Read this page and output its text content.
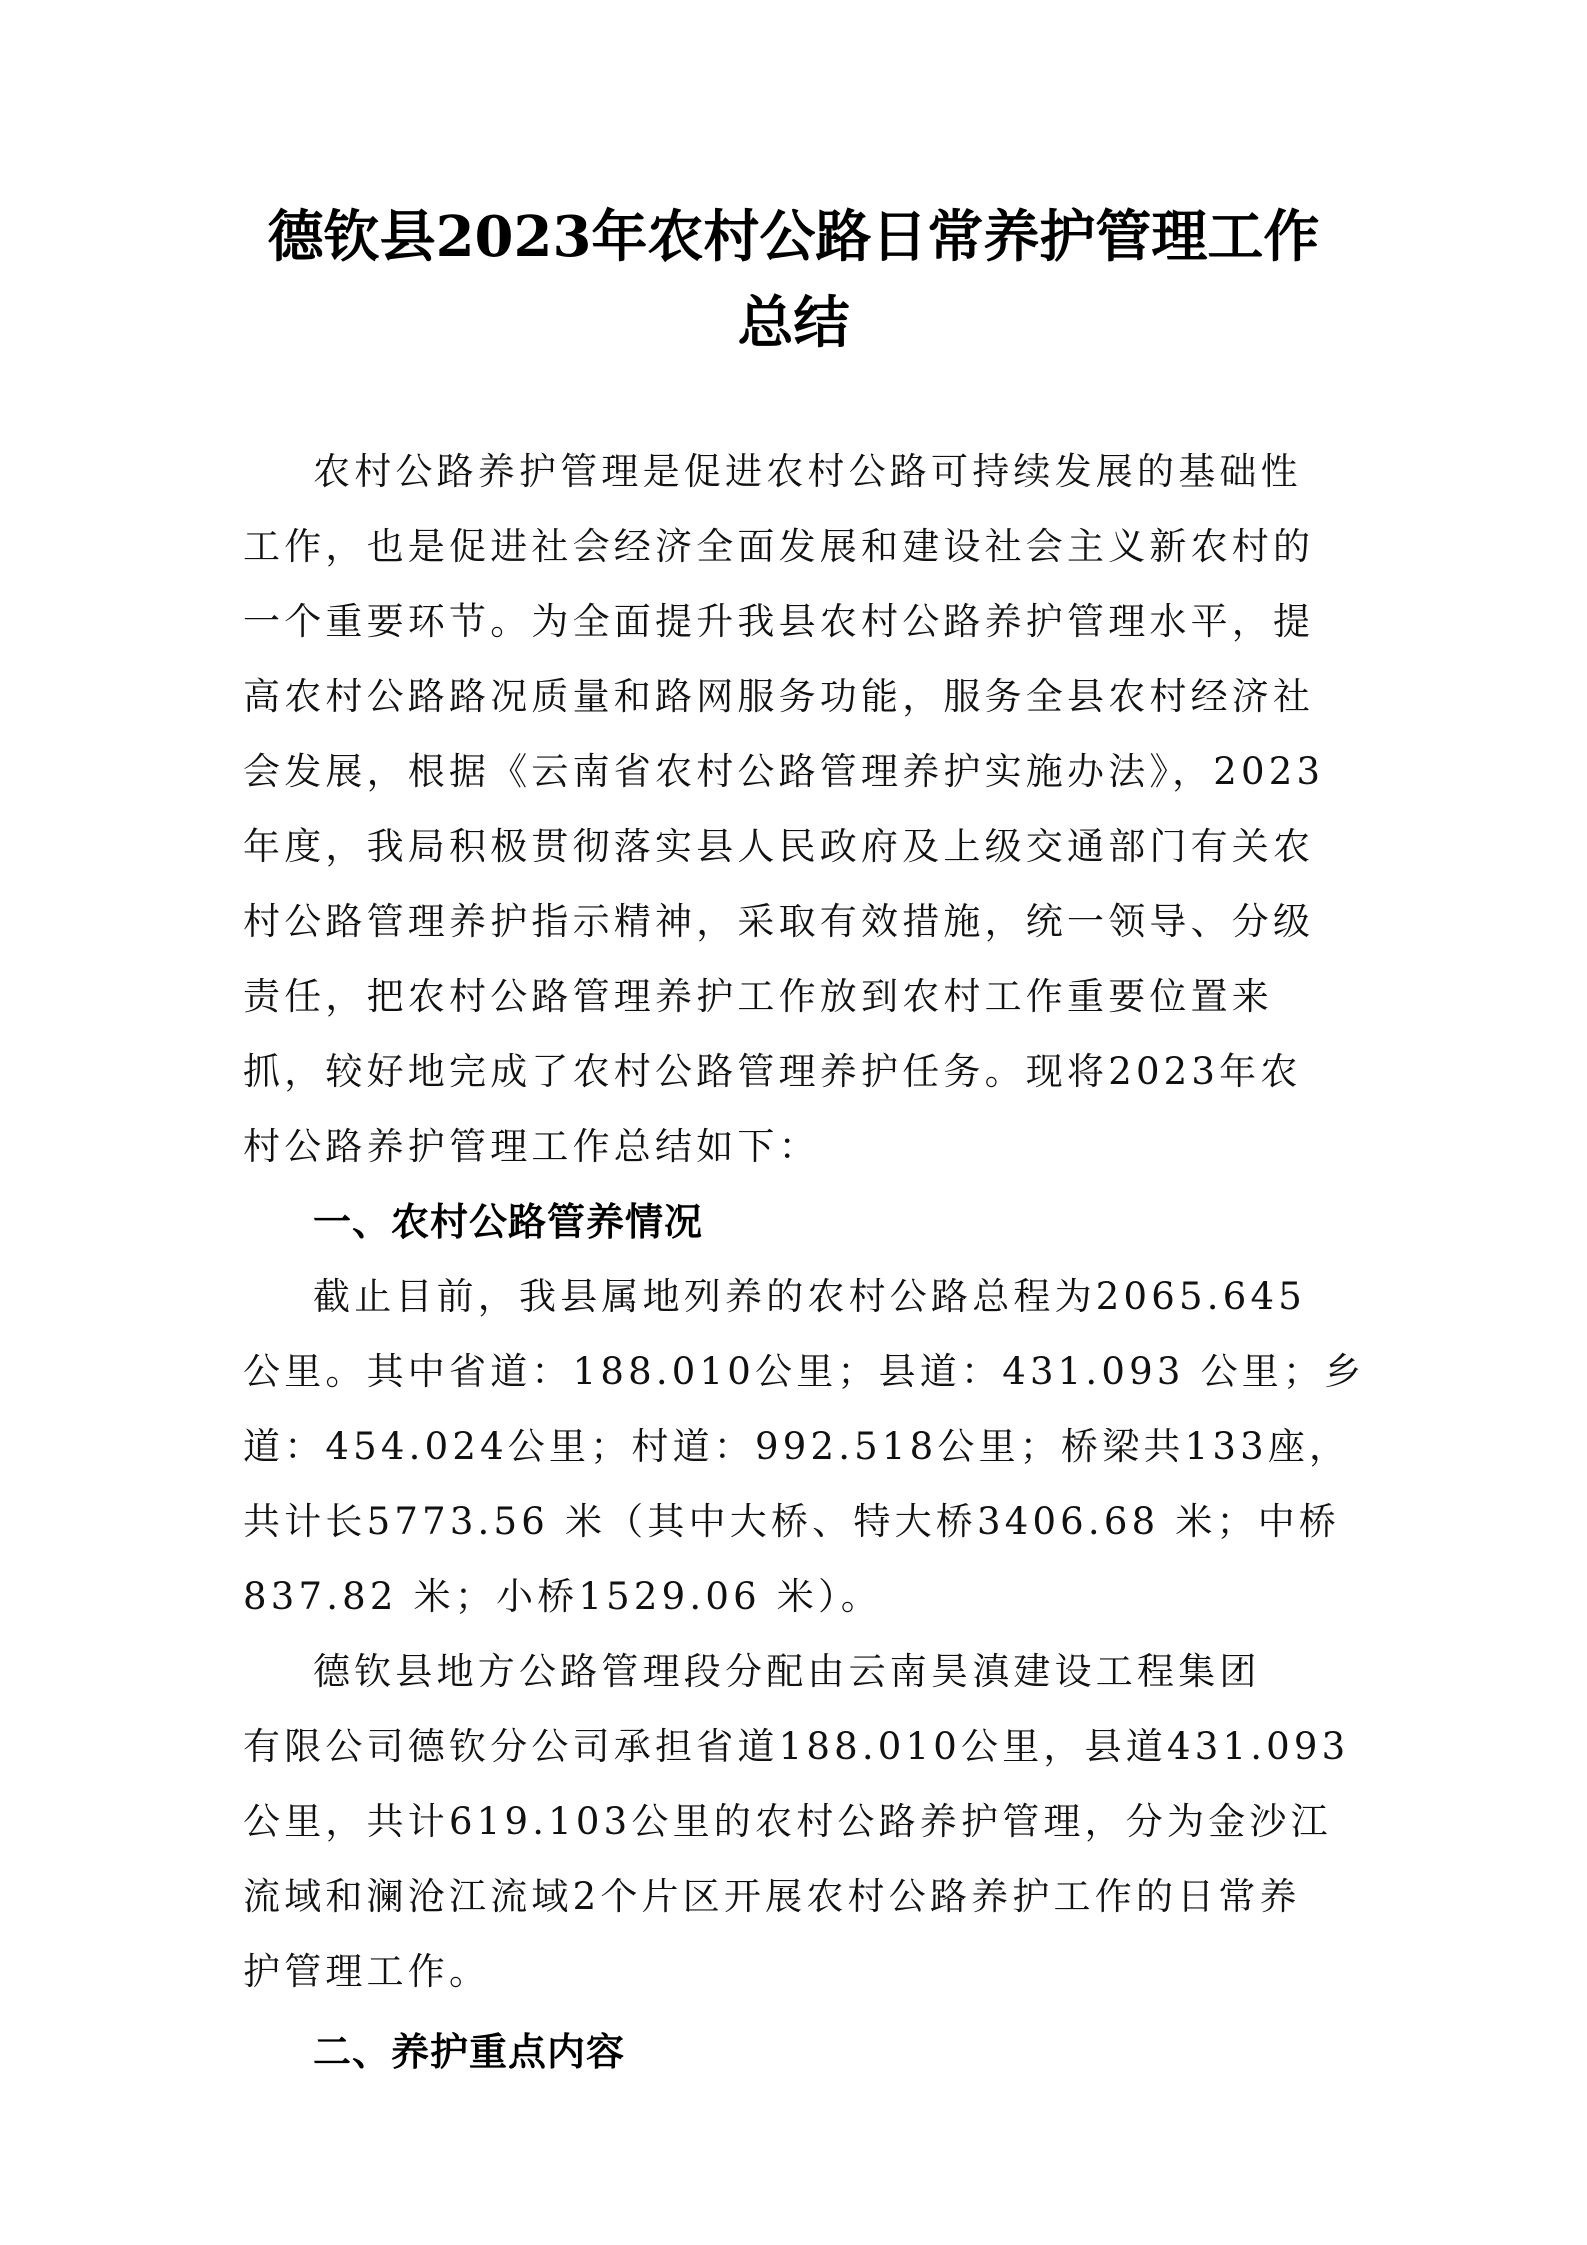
德钦县2023年农村公路日常养护管理工作
总结
农村公路养护管理是促进农村公路可持续发展的基础性
工作，也是促进社会经济全面发展和建设社会主义新农村的
一个重要环节。为全面提升我县农村公路养护管理水平，提
高农村公路路况质量和路网服务功能，服务全县农村经济社
会发展，根据《云南省农村公路管理养护实施办法》，2023
年度，我局积极贯彻落实县人民政府及上级交通部门有关农
村公路管理养护指示精神，采取有效措施，统一领导、分级
责任，把农村公路管理养护工作放到农村工作重要位置来
抓，较好地完成了农村公路管理养护任务。现将2023年农
村公路养护管理工作总结如下：
一、农村公路管养情况
截止目前，我县属地列养的农村公路总程为2065.645
公里。其中省道：188.010公里；县道：431.093 公里；乡
道：454.024公里；村道：992.518公里；桥梁共133座，
共计长5773.56 米（其中大桥、特大桥3406.68 米；中桥
837.82 米；小桥1529.06 米）。
德钦县地方公路管理段分配由云南昊滇建设工程集团
有限公司德钦分公司承担省道188.010公里，县道431.093
公里，共计619.103公里的农村公路养护管理，分为金沙江
流域和澜沧江流域2个片区开展农村公路养护工作的日常养
护管理工作。
二、养护重点内容
